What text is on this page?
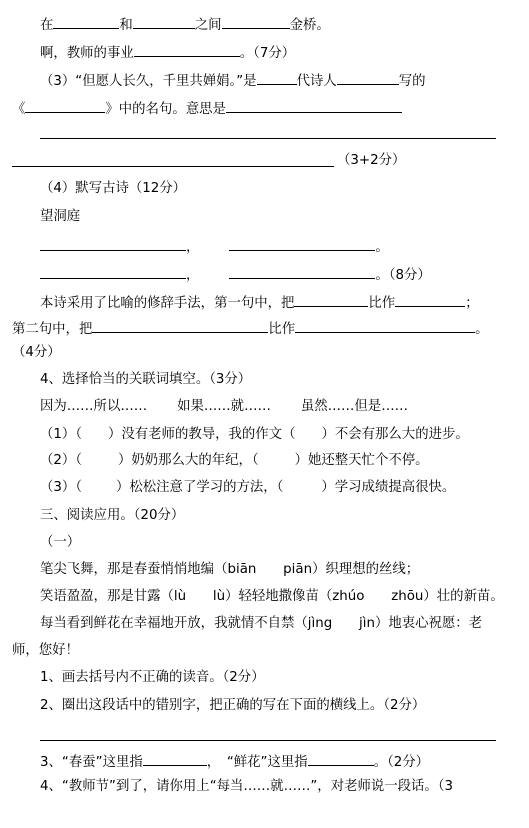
在	和	之间	金桥。
啊，教师的事业	。（7分）
（3）“但愿人长久，千里共婵娟。”是	代诗人	写的
《	》中的名句。意思是
（3+2分）
（4）默写古诗（12分）
望洞庭
，	。
，	。（8分）
本诗采用了比喻的修辞手法，第一句中，把	比作	；
第二句中，把	比作	。
（4分）
4、选择恰当的关联词填空。（3分）
因为……所以…… 如果……就…… 虽然……但是……
（1）（ ）没有老师的教导，我的作文（ ）不会有那么大的进步。
（2）（	）奶奶那么大的年纪，（	）她还整天忙个不停。
（3）（	）松松注意了学习的方法，（	）学习成绩提高很快。
三、阅读应用。（20分）
（一）
笔尖飞舞，那是春蚕悄悄地编（biān　　piān）织理想的丝线；
笑语盈盈，那是甘露（lù　　lù）轻轻地撒像苗（zhúo　　zhōu）壮的新苗。
每当看到鲜花在幸福地开放，我就情不自禁（jìng　　jìn）地衷心祝愿：老
师，您好！
1、画去括号内不正确的读音。（2分）
2、圈出这段话中的错别字，把正确的写在下面的横线上。（2分）
3、“春蚕”这里指	，　“鲜花”这里指	。（2分）
4、“教师节”到了，请你用上“每当……就……”，对老师说一段话。（3
